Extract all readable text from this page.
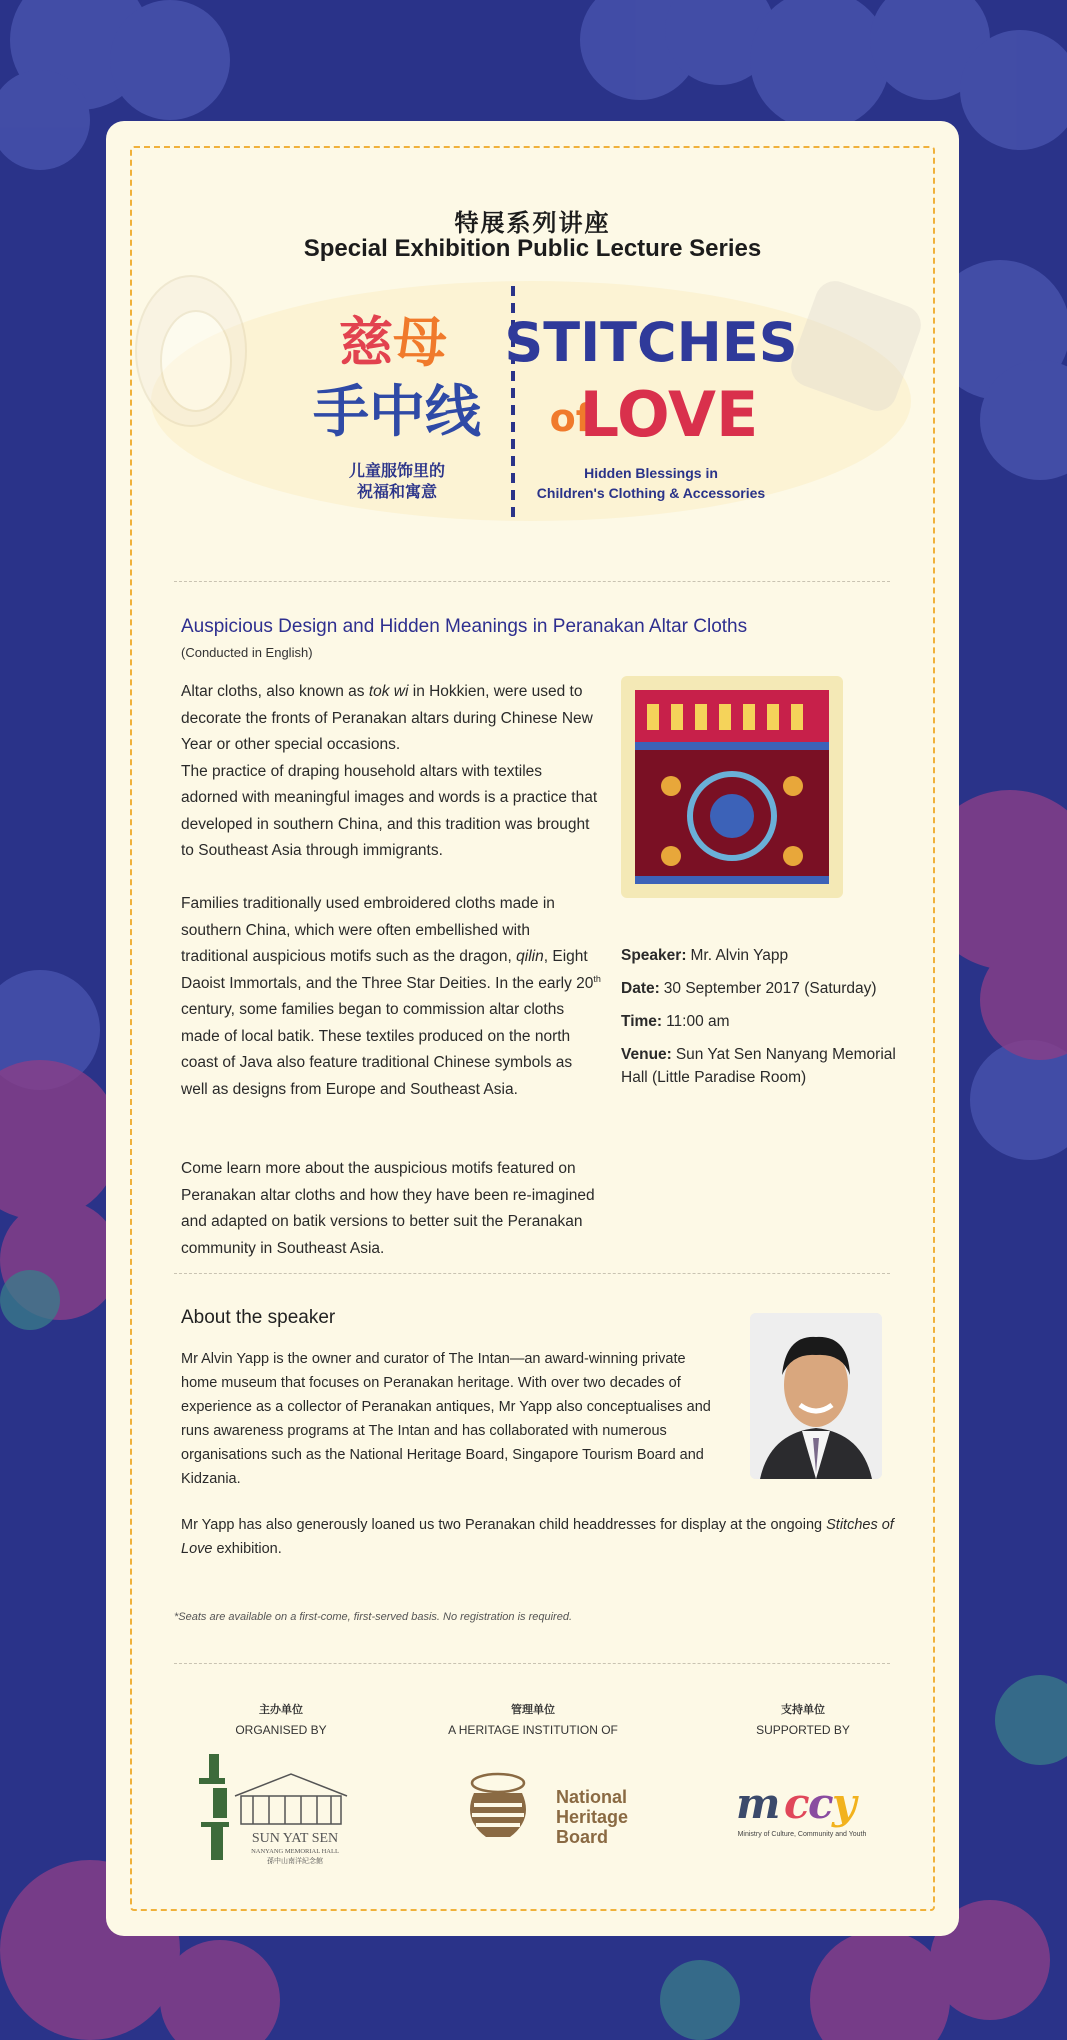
特展系列讲座
Special Exhibition Public Lecture Series
慈 母
手中线
儿童服饰里的
祝福和寓意
STITCHES
of
LOVE
Hidden Blessings in
Children's Clothing & Accessories
Auspicious Design and Hidden Meanings in Peranakan Altar Cloths
(Conducted in English)

Altar cloths, also known as tok wi in Hokkien, were used to decorate the fronts of Peranakan altars during Chinese New Year or other special occasions.

The practice of draping household altars with textiles adorned with meaningful images and words is a practice that developed in southern China, and this tradition was brought to Southeast Asia through immigrants.

Families traditionally used embroidered cloths made in southern China, which were often embellished with traditional auspicious motifs such as the dragon, qilin, Eight Daoist Immortals, and the Three Star Deities. In the early 20th century, some families began to commission altar cloths made of local batik. These textiles produced on the north coast of Java also feature traditional Chinese symbols as well as designs from Europe and Southeast Asia.

Come learn more about the auspicious motifs featured on Peranakan altar cloths and how they have been re-imagined and adapted on batik versions to better suit the Peranakan community in Southeast Asia.

Speaker: Mr. Alvin Yapp
Date: 30 September 2017 (Saturday)
Time: 11:00 am
Venue: Sun Yat Sen Nanyang Memorial Hall (Little Paradise Room)
About the speaker
Mr Alvin Yapp is the owner and curator of The Intan—an award-winning private home museum that focuses on Peranakan heritage. With over two decades of experience as a collector of Peranakan antiques, Mr Yapp also conceptualises and runs awareness programs at The Intan and has collaborated with numerous organisations such as the National Heritage Board, Singapore Tourism Board and Kidzania.
Mr Yapp has also generously loaned us two Peranakan child headdresses for display at the ongoing Stitches of Love exhibition.
*Seats are available on a first-come, first-served basis. No registration is required.
主办单位
ORGANISED BY
管理单位
A HERITAGE INSTITUTION OF
支持单位
SUPPORTED BY
SUN YAT SEN
NANYANG MEMORIAL HALL
孫中山南洋紀念館
National
Heritage
Board
m c
c
y
Ministry of Culture, Community and Youth
